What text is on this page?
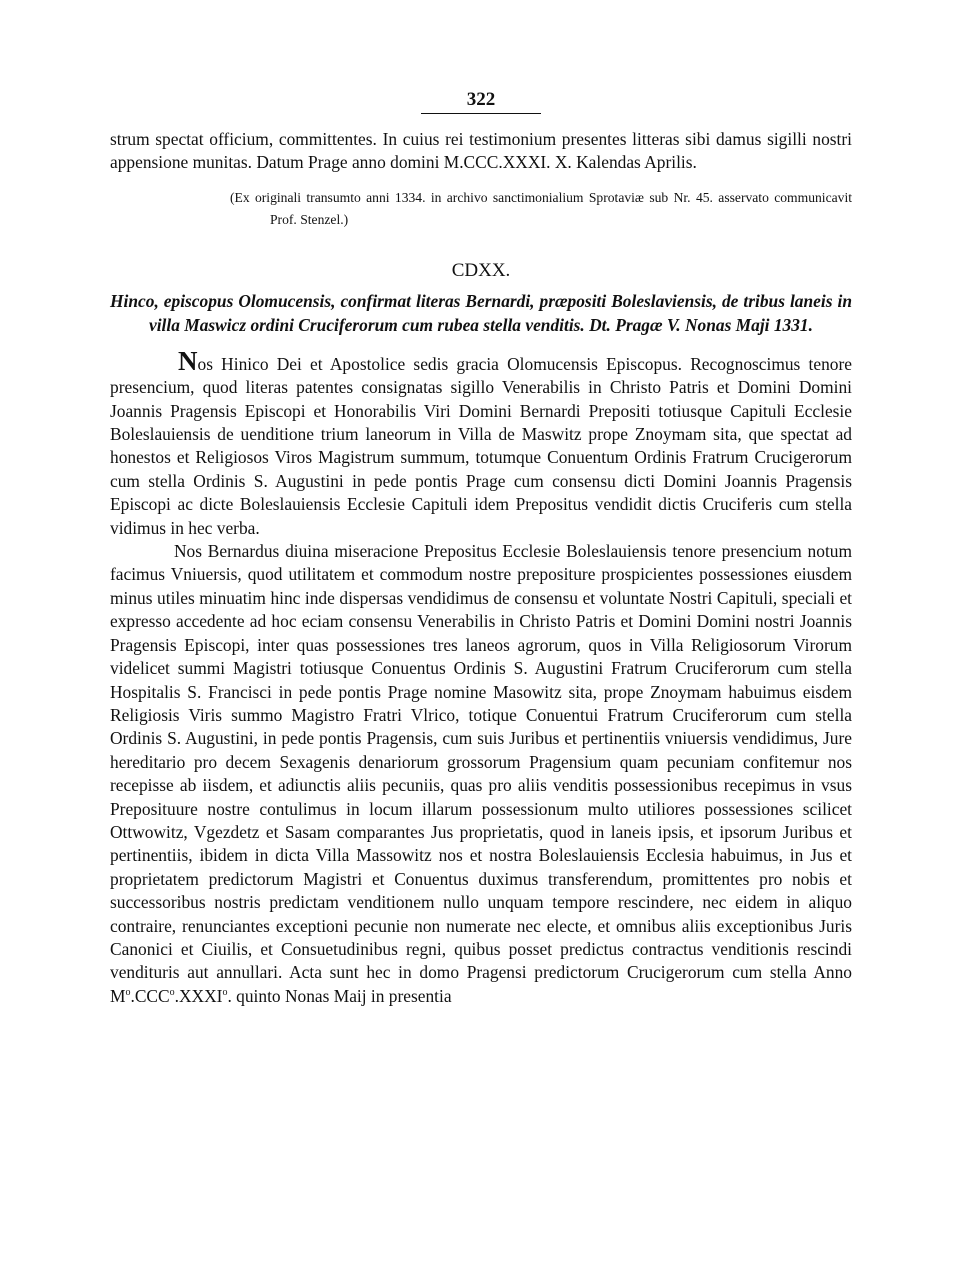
322

strum spectat officium, committentes. In cuius rei testimonium presentes litteras sibi damus sigilli nostri appensione munitas. Datum Prage anno domini M.CCC.XXXI. X. Kalendas Aprilis.

(Ex originali transumto anni 1334. in archivo sanctimonialium Sprotaviæ sub Nr. 45. asservato communicavit Prof. Stenzel.)

CDXX.

Hinco, episcopus Olomucensis, confirmat literas Bernardi, præpositi Boleslaviensis, de tribus laneis in villa Maswicz ordini Cruciferorum cum rubea stella venditis. Dt. Pragæ V. Nonas Maji 1331.

Nos Hinico Dei et Apostolice sedis gracia Olomucensis Episcopus. Recognoscimus tenore presencium, quod literas patentes consignatas sigillo Venerabilis in Christo Patris et Domini Domini Joannis Pragensis Episcopi et Honorabilis Viri Domini Bernardi Prepositi totiusque Capituli Ecclesie Boleslauiensis de uenditione trium laneorum in Villa de Maswitz prope Znoymam sita, que spectat ad honestos et Religiosos Viros Magistrum summum, totumque Conuentum Ordinis Fratrum Crucigerorum cum stella Ordinis S. Augustini in pede pontis Prage cum consensu dicti Domini Joannis Pragensis Episcopi ac dicte Boleslauiensis Ecclesie Capituli idem Prepositus vendidit dictis Cruciferis cum stella vidimus in hec verba.

Nos Bernardus diuina miseracione Prepositus Ecclesie Boleslauiensis tenore presencium notum facimus Vniuersis, quod utilitatem et commodum nostre prepositure prospicientes possessiones eiusdem minus utiles minuatim hinc inde dispersas vendidimus de consensu et voluntate Nostri Capituli, speciali et expresso accedente ad hoc eciam consensu Venerabilis in Christo Patris et Domini Domini nostri Joannis Pragensis Episcopi, inter quas possessiones tres laneos agrorum, quos in Villa Religiosorum Virorum videlicet summi Magistri totiusque Conuentus Ordinis S. Augustini Fratrum Cruciferorum cum stella Hospitalis S. Francisci in pede pontis Prage nomine Masowitz sita, prope Znoymam habuimus eisdem Religiosis Viris summo Magistro Fratri Vlrico, totique Conuentui Fratrum Cruciferorum cum stella Ordinis S. Augustini, in pede pontis Pragensis, cum suis Juribus et pertinentiis vniuersis vendidimus, Jure hereditario pro decem Sexagenis denariorum grossorum Pragensium quam pecuniam confitemur nos recepisse ab iisdem, et adiunctis aliis pecuniis, quas pro aliis venditis possessionibus recepimus in vsus Preposituure nostre contulimus in locum illarum possessionum multo utiliores possessiones scilicet Ottwowitz, Vgezdetz et Sasam comparantes Jus proprietatis, quod in laneis ipsis, et ipsorum Juribus et pertinentiis, ibidem in dicta Villa Massowitz nos et nostra Boleslauiensis Ecclesia habuimus, in Jus et proprietatem predictorum Magistri et Conuentus duximus transferendum, promittentes pro nobis et successoribus nostris predictam venditionem nullo unquam tempore rescindere, nec eidem in aliquo contraire, renunciantes exceptioni pecunie non numerate nec electe, et omnibus aliis exceptionibus Juris Canonici et Ciuilis, et Consuetudinibus regni, quibus posset predictus contractus venditionis rescindi venditurіs aut annullari. Acta sunt hec in domo Pragensi predictorum Crucigerorum cum stella Anno $M^o.CCC^o.XXXI^o$. quinto Nonas Maij in presentia
